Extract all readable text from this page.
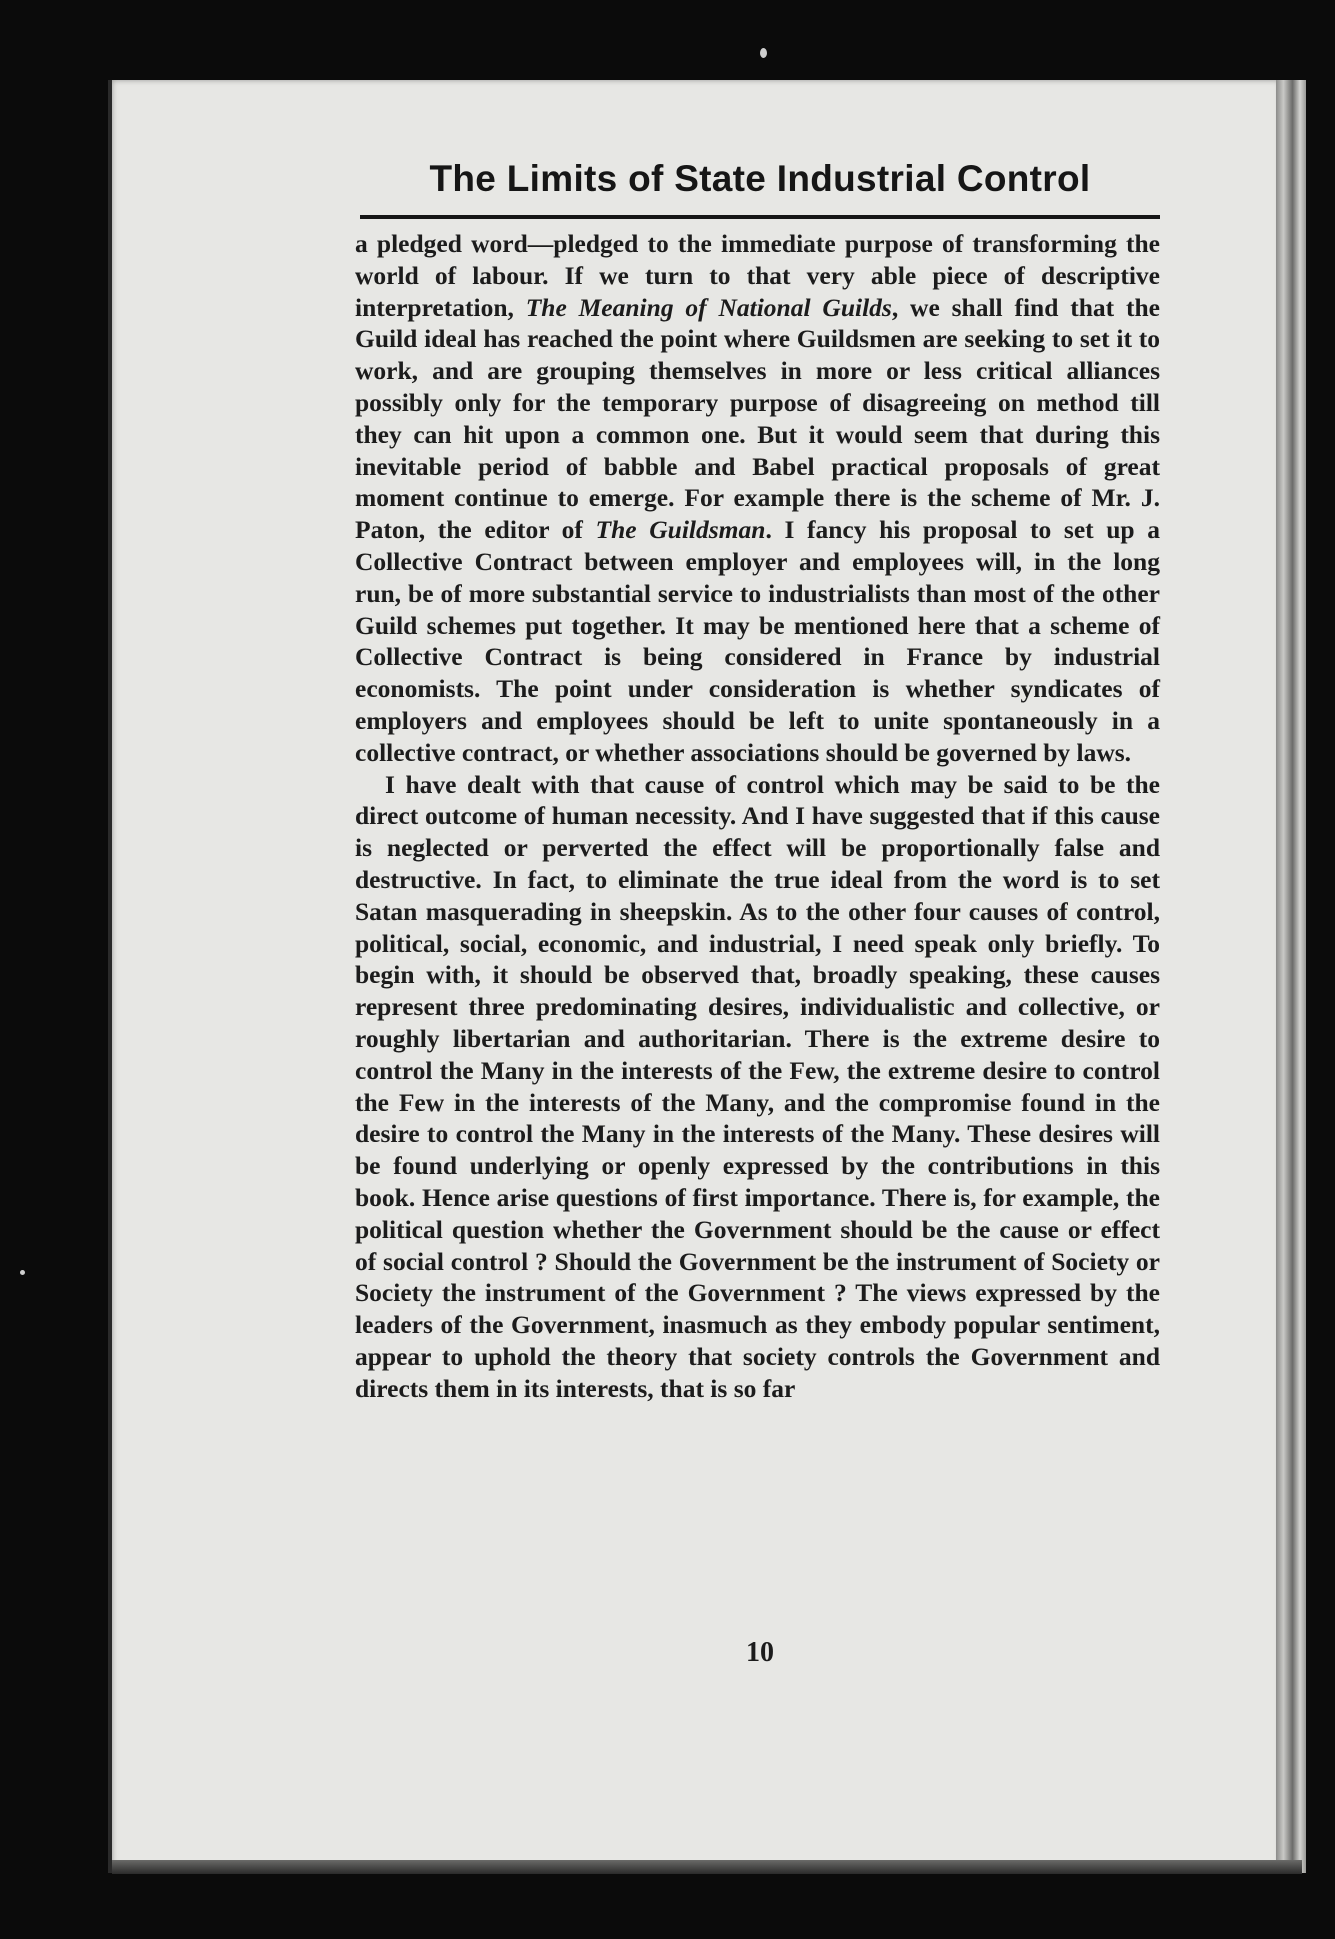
The Limits of State Industrial Control

a pledged word—pledged to the immediate purpose of transforming the world of labour. If we turn to that very able piece of descriptive interpretation, The Meaning of National Guilds, we shall find that the Guild ideal has reached the point where Guildsmen are seeking to set it to work, and are grouping themselves in more or less critical alliances possibly only for the temporary purpose of disagreeing on method till they can hit upon a common one. But it would seem that during this inevitable period of babble and Babel practical proposals of great moment continue to emerge. For example there is the scheme of Mr. J. Paton, the editor of The Guildsman. I fancy his proposal to set up a Collective Contract between employer and employees will, in the long run, be of more substantial service to industrialists than most of the other Guild schemes put together. It may be mentioned here that a scheme of Collective Contract is being considered in France by industrial economists. The point under consideration is whether syndicates of employers and employees should be left to unite spontaneously in a collective contract, or whether associations should be governed by laws.

I have dealt with that cause of control which may be said to be the direct outcome of human necessity. And I have suggested that if this cause is neglected or perverted the effect will be proportionally false and destructive. In fact, to eliminate the true ideal from the word is to set Satan masquerading in sheepskin. As to the other four causes of control, political, social, economic, and industrial, I need speak only briefly. To begin with, it should be observed that, broadly speaking, these causes represent three predominating desires, individualistic and collective, or roughly libertarian and authoritarian. There is the extreme desire to control the Many in the interests of the Few, the extreme desire to control the Few in the interests of the Many, and the compromise found in the desire to control the Many in the interests of the Many. These desires will be found underlying or openly expressed by the contributions in this book. Hence arise questions of first importance. There is, for example, the political question whether the Government should be the cause or effect of social control ? Should the Government be the instrument of Society or Society the instrument of the Government ? The views expressed by the leaders of the Government, inasmuch as they embody popular sentiment, appear to uphold the theory that society controls the Government and directs them in its interests, that is so far

10
